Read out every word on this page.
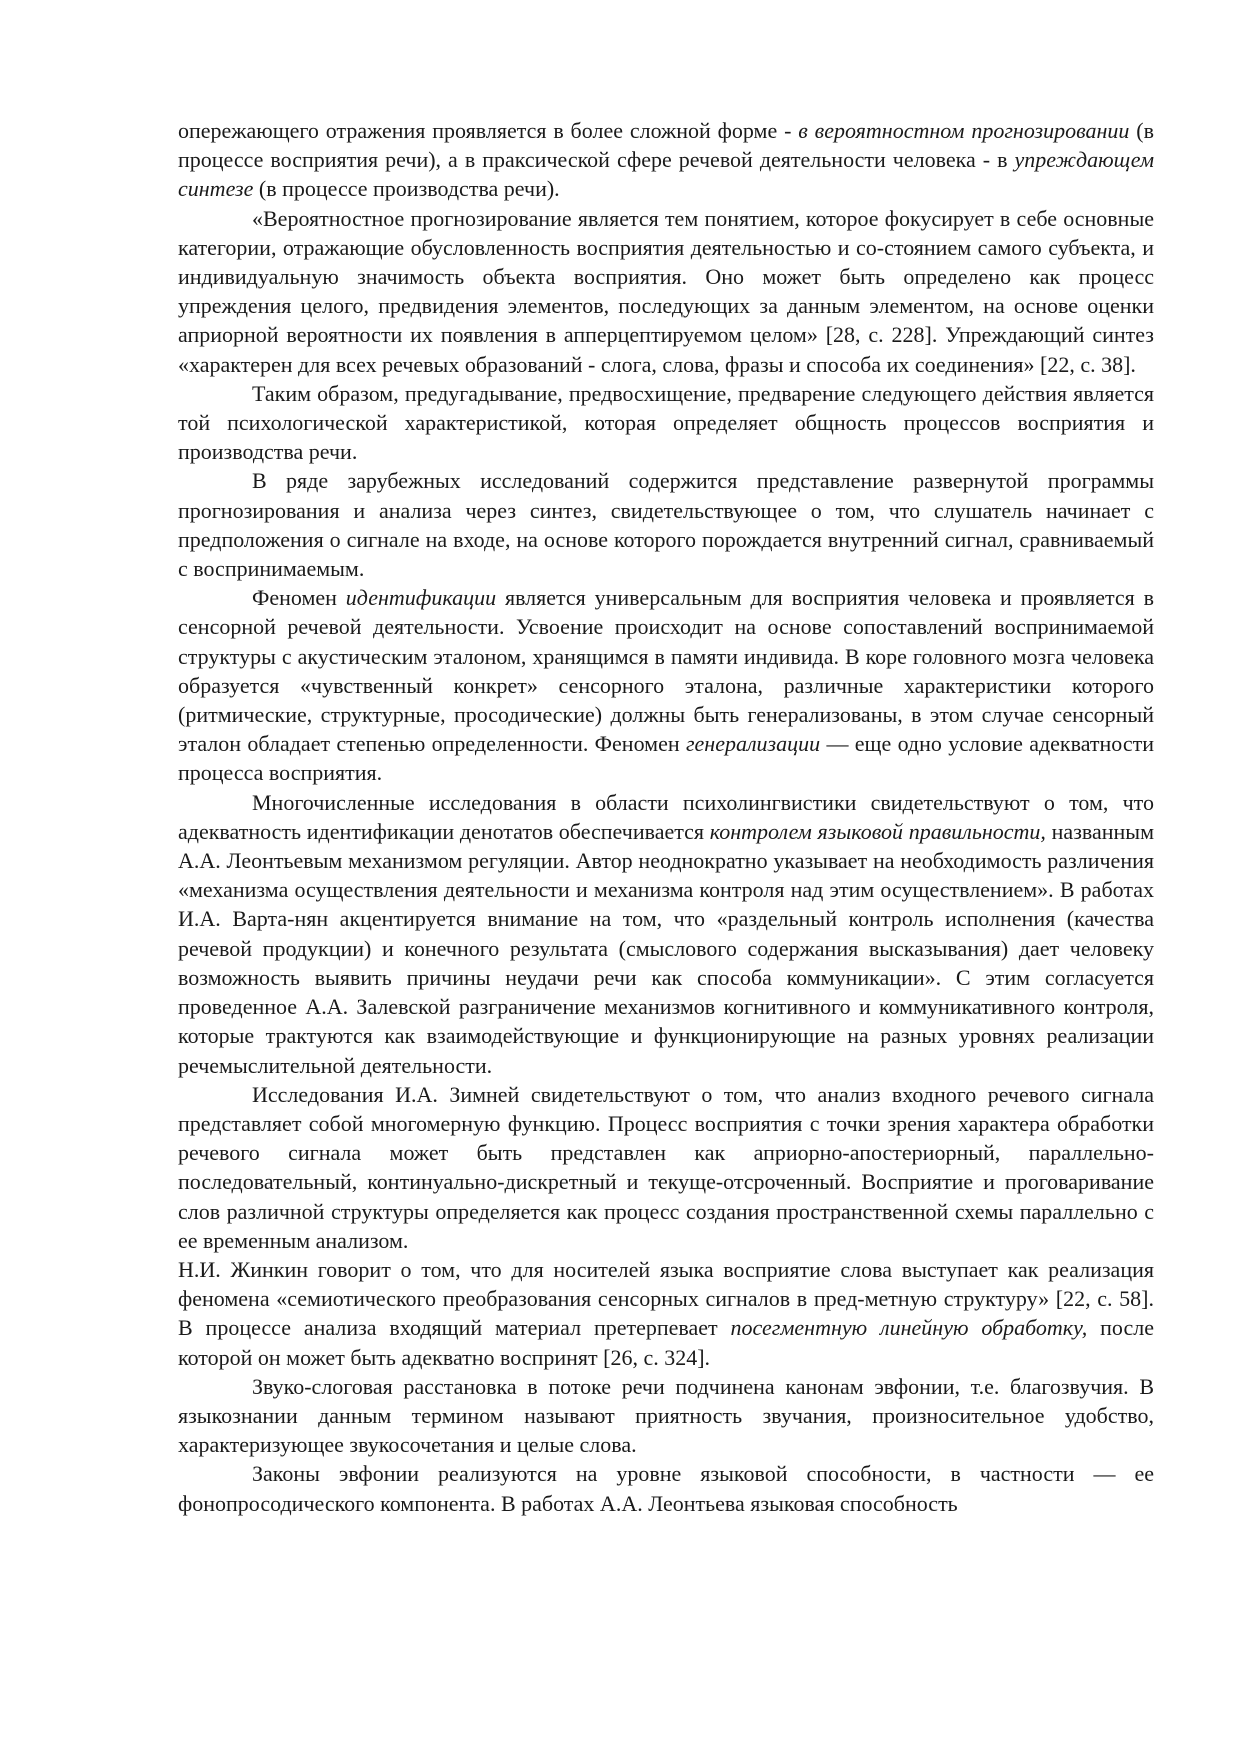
опережающего отражения проявляется в более сложной форме - в вероятностном прогнозировании (в процессе восприятия речи), а в праксической сфере речевой деятельности человека - в упреждающем синтезе (в процессе производства речи).

«Вероятностное прогнозирование является тем понятием, которое фокусирует в себе основные категории, отражающие обусловленность восприятия деятельностью и со-стоянием самого субъекта, и индивидуальную значимость объекта восприятия. Оно может быть определено как процесс упреждения целого, предвидения элементов, последующих за данным элементом, на основе оценки априорной вероятности их появления в апперцептируемом целом» [28, с. 228]. Упреждающий синтез «характерен для всех речевых образований - слога, слова, фразы и способа их соединения» [22, с. 38].

Таким образом, предугадывание, предвосхищение, предварение следующего действия является той психологической характеристикой, которая определяет общность процессов восприятия и производства речи.

В ряде зарубежных исследований содержится представление развернутой программы прогнозирования и анализа через синтез, свидетельствующее о том, что слушатель начинает с предположения о сигнале на входе, на основе которого порождается внутренний сигнал, сравниваемый с воспринимаемым.

Феномен идентификации является универсальным для восприятия человека и проявляется в сенсорной речевой деятельности. Усвоение происходит на основе сопоставлений воспринимаемой структуры с акустическим эталоном, хранящимся в памяти индивида. В коре головного мозга человека образуется «чувственный конкрет» сенсорного эталона, различные характеристики которого (ритмические, структурные, просодические) должны быть генерализованы, в этом случае сенсорный эталон обладает степенью определенности. Феномен генерализации — еще одно условие адекватности процесса восприятия.

Многочисленные исследования в области психолингвистики свидетельствуют о том, что адекватность идентификации денотатов обеспечивается контролем языковой правильности, названным А.А. Леонтьевым механизмом регуляции. Автор неоднократно указывает на необходимость различения «механизма осуществления деятельности и механизма контроля над этим осуществлением». В работах И.А. Варта-нян акцентируется внимание на том, что «раздельный контроль исполнения (качества речевой продукции) и конечного результата (смыслового содержания высказывания) дает человеку возможность выявить причины неудачи речи как способа коммуникации». С этим согласуется проведенное А.А. Залевской разграничение механизмов когнитивного и коммуникативного контроля, которые трактуются как взаимодействующие и функционирующие на разных уровнях реализации речемыслительной деятельности.

Исследования И.А. Зимней свидетельствуют о том, что анализ входного речевого сигнала представляет собой многомерную функцию. Процесс восприятия с точки зрения характера обработки речевого сигнала может быть представлен как априорно-апостериорный, параллельно-последовательный, континуально-дискретный и текуще-отсроченный. Восприятие и проговаривание слов различной структуры определяется как процесс создания пространственной схемы параллельно с ее временным анализом.

Н.И. Жинкин говорит о том, что для носителей языка восприятие слова выступает как реализация феномена «семиотического преобразования сенсорных сигналов в пред-метную структуру» [22, с. 58]. В процессе анализа входящий материал претерпевает посегментную линейную обработку, после которой он может быть адекватно воспринят [26, с. 324].

Звуко-слоговая расстановка в потоке речи подчинена канонам эвфонии, т.е. благозвучия. В языкознании данным термином называют приятность звучания, произносительное удобство, характеризующее звукосочетания и целые слова.

Законы эвфонии реализуются на уровне языковой способности, в частности — ее фонопросодического компонента. В работах А.А. Леонтьева языковая способность
